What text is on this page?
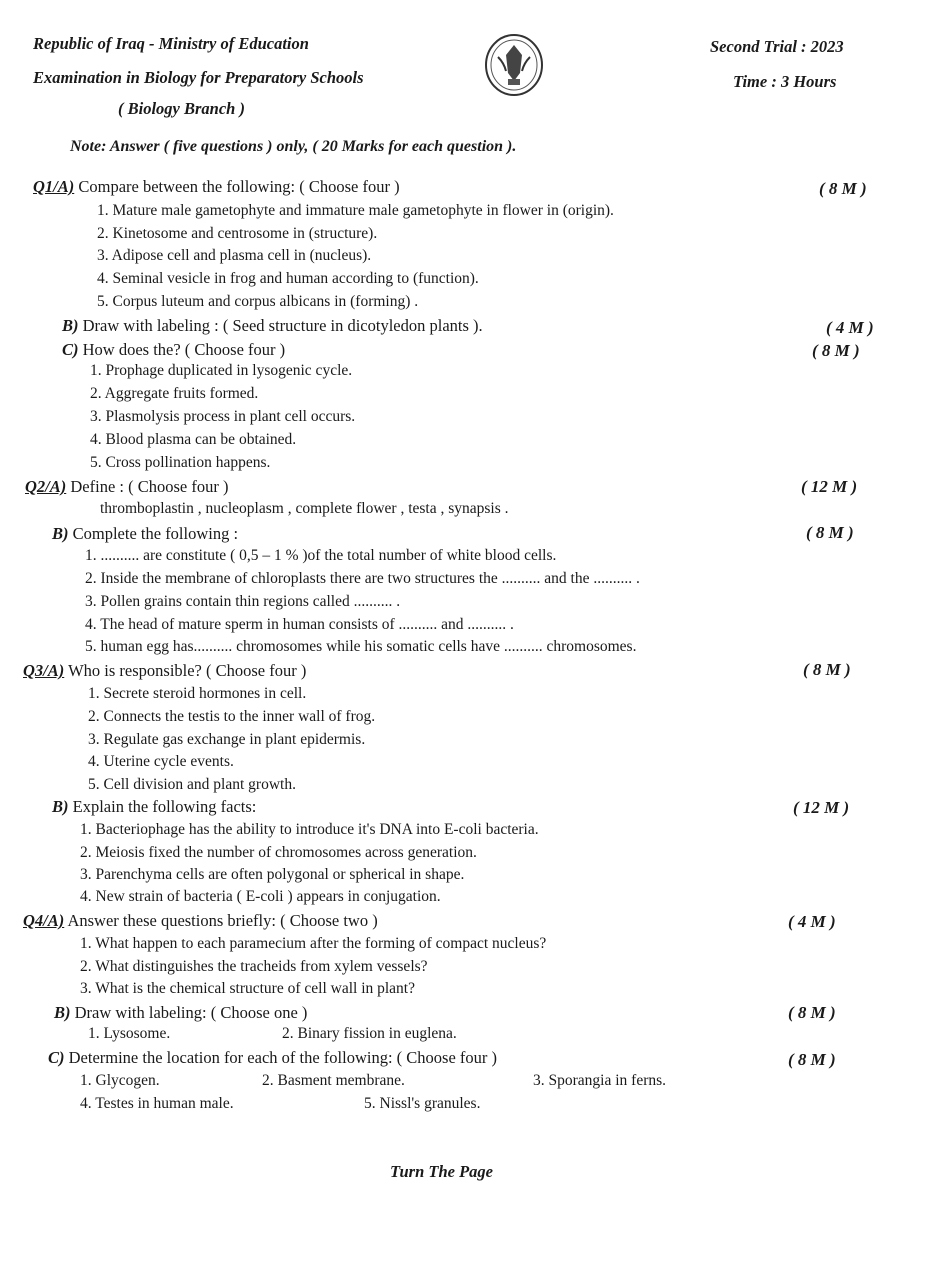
Republic of Iraq - Ministry of Education
Examination in Biology for Preparatory Schools
( Biology Branch )
Second Trial : 2023
Time : 3 Hours
Note: Answer ( five questions ) only, ( 20 Marks for each question ).
Q1/A) Compare between the following: ( Choose four )	( 8 M )
1. Mature male gametophyte and immature male gametophyte in flower in (origin).
2. Kinetosome and centrosome in (structure).
3. Adipose cell and plasma cell in (nucleus).
4. Seminal vesicle in frog and human according to (function).
5. Corpus luteum and corpus albicans in (forming) .
B) Draw with labeling : ( Seed structure in dicotyledon plants ).	( 4 M )
C) How does the? ( Choose four )	( 8 M )
1. Prophage duplicated in lysogenic cycle.
2. Aggregate fruits formed.
3. Plasmolysis process in plant cell occurs.
4. Blood plasma can be obtained.
5. Cross pollination happens.
Q2/A) Define : ( Choose four )	( 12 M )
thromboplastin , nucleoplasm , complete flower , testa , synapsis .
B) Complete the following :	( 8 M )
1. .......... are constitute ( 0,5 – 1 % )of the total number of white blood cells.
2. Inside the membrane of chloroplasts there are two structures the .......... and the .......... .
3. Pollen grains contain thin regions called .......... .
4. The head of mature sperm in human consists of .......... and .......... .
5. human egg has.......... chromosomes while his somatic cells have .......... chromosomes.
Q3/A) Who is responsible? ( Choose four )	( 8 M )
1. Secrete steroid hormones in cell.
2. Connects the testis to the inner wall of frog.
3. Regulate gas exchange in plant epidermis.
4. Uterine cycle events.
5. Cell division and plant growth.
B) Explain the following facts:	( 12 M )
1. Bacteriophage has the ability to introduce it's DNA into E-coli bacteria.
2. Meiosis fixed the number of chromosomes across generation.
3. Parenchyma cells are often polygonal or spherical in shape.
4. New strain of bacteria ( E-coli ) appears in conjugation.
Q4/A) Answer these questions briefly: ( Choose two )	( 4 M )
1. What happen to each paramecium after the forming of compact nucleus?
2. What distinguishes the tracheids from xylem vessels?
3. What is the chemical structure of cell wall in plant?
B) Draw with labeling: ( Choose one )	( 8 M )
1. Lysosome.	2. Binary fission in euglena.
C) Determine the location for each of the following: ( Choose four )	( 8 M )
1. Glycogen.	2. Basment membrane.	3. Sporangia in ferns.
4. Testes in human male.	5. Nissl's granules.
Turn The Page
